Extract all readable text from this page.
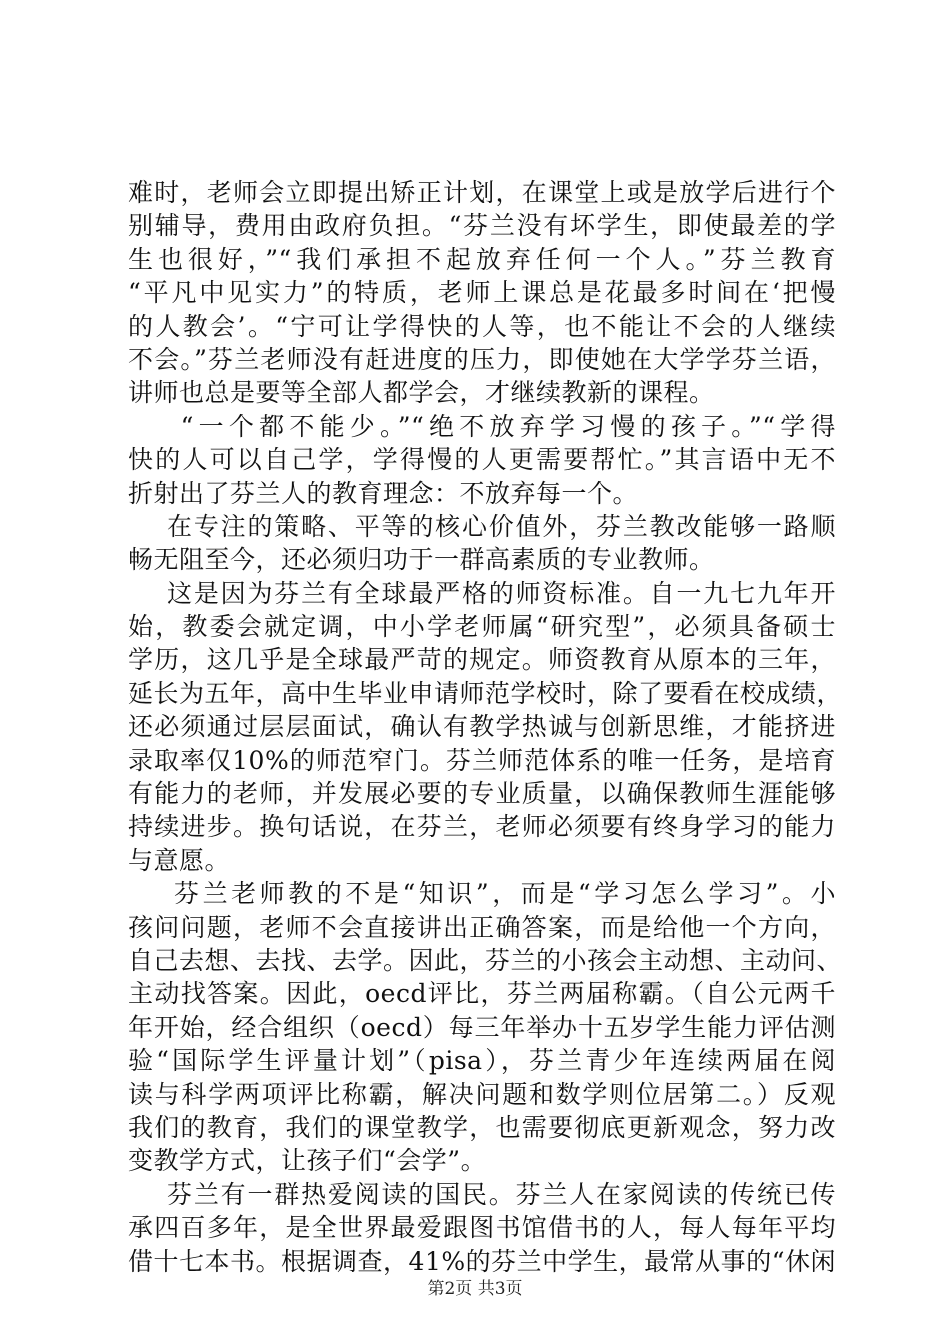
难时，老师会立即提出矫正计划，在课堂上或是放学后进行个
别辅导，费用由政府负担。“芬兰没有坏学生，即使最差的学
生也很好，”“我们承担不起放弃任何一个人。”芬兰教育
“平凡中见实力”的特质，老师上课总是花最多时间在‘把慢
的人教会’。“宁可让学得快的人等，也不能让不会的人继续
不会。”芬兰老师没有赶进度的压力，即使她在大学学芬兰语，
讲师也总是要等全部人都学会，才继续教新的课程。
“一个都不能少。”“绝不放弃学习慢的孩子。”“学得
快的人可以自己学，学得慢的人更需要帮忙。”其言语中无不
折射出了芬兰人的教育理念：不放弃每一个。
在专注的策略、平等的核心价值外，芬兰教改能够一路顺
畅无阻至今，还必须归功于一群高素质的专业教师。
这是因为芬兰有全球最严格的师资标准。自一九七九年开
始，教委会就定调，中小学老师属“研究型”，必须具备硕士
学历，这几乎是全球最严苛的规定。师资教育从原本的三年，
延长为五年，高中生毕业申请师范学校时，除了要看在校成绩，
还必须通过层层面试，确认有教学热诚与创新思维，才能挤进
录取率仅10%的师范窄门。芬兰师范体系的唯一任务，是培育
有能力的老师，并发展必要的专业质量，以确保教师生涯能够
持续进步。换句话说，在芬兰，老师必须要有终身学习的能力
与意愿。
芬兰老师教的不是“知识”，而是“学习怎么学习”。小
孩问问题，老师不会直接讲出正确答案，而是给他一个方向，
自己去想、去找、去学。因此，芬兰的小孩会主动想、主动问、
主动找答案。因此，oecd评比，芬兰两届称霸。（自公元两千
年开始，经合组织（oecd）每三年举办十五岁学生能力评估测
验“国际学生评量计划”（pisa），芬兰青少年连续两届在阅
读与科学两项评比称霸，解决问题和数学则位居第二。）反观
我们的教育，我们的课堂教学，也需要彻底更新观念，努力改
变教学方式，让孩子们“会学”。
芬兰有一群热爱阅读的国民。芬兰人在家阅读的传统已传
承四百多年，是全世界最爱跟图书馆借书的人，每人每年平均
借十七本书。根据调查，41%的芬兰中学生，最常从事的“休闲
第2页 共3页
